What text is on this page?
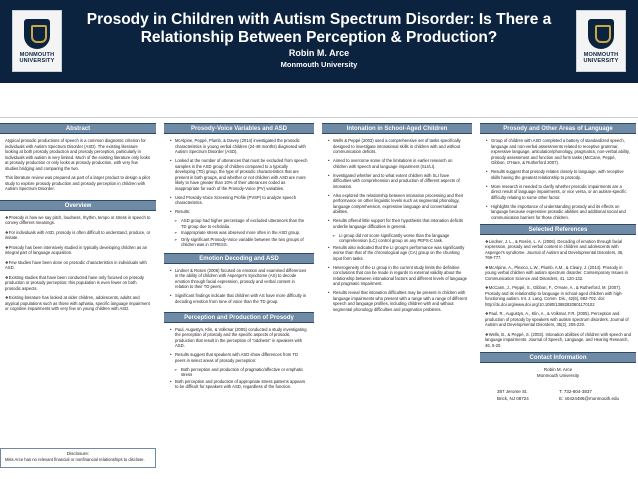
MONMOUTH UNIVERSITY
Prosody in Children with Autism Spectrum Disorder: Is There a Relationship Between Perception & Production?
Robin M. Arce
Monmouth University
MONMOUTH UNIVERSITY
Abstract
Atypical prosodic productions of speech is a common diagnostic criterion for individuals with Autism Spectrum Disorder (ASD). The existing literature looking at both prosody production and prosody perception, particularly in individuals with autism is very limited. Much of the existing literature only looks at prosody production or only looks at prosody production, with very few studies bridging and comparing the two.
This literature review was prepared as part of a larger product to design a pilot study to explore prosody production and prosody perception in children with Autism Spectrum Disorder.
Overview
❖Prosody is how we say pitch, loudness, rhythm, tempo or stress in speech to convey different meanings.
❖For individuals with ASD, prosody is often difficult to understand, produce, or imitate.
❖Prosody has been intensively studied in typically developing children as an integral part of language acquisition.
❖Few studies have been done on prosodic characteristics in individuals with ASD.
❖Existing studies that have been conducted have only focused on prosody production or prosody perception; this population is even fewer on both prosodic aspects.
❖Existing literature has looked at older children, adolescents, adults and atypical populations such as those with aphasia, specific language impairment or cognitive impairments with very few on young children with ASD.
Prosody-Voice Variables and ASD
• McAlpine, Peppé, Plumb, & Davey (2014) investigated the prosodic characteristics in young verbal children (24-48 months) diagnosed with Autism Spectrum Disorder (ASD).
• Looked at the number of utterances that must be excluded from speech samples in the ASD group of children compared to a typically developing (TD) group, the type of prosodic characteristics that are present in both groups, and whether or not children with ASD are more likely to have greater than 10% of their utterances coded as inappropriate for each of the Prosody-Voice (PV) variables.
• Used Prosody-Voice Screening Profile (PVSP) to analyze speech characteristics.
• Results:
➢ ASD group had higher percentage of excluded utterances than the TD group due to echolalia.
➢ Inappropriate stress was observed more often in the ASD group.
➢ Only significant Prosody-Voice variable between the two groups of children was in STRESS.
Emotion Decoding and ASD
• Lindner & Rosen (2006) focused on emotion and examined differences in the ability of children with Asperger's Syndrome (AS) to decode emotion through facial expression, prosody and verbal content in relation to their TD peers.
• Significant findings indicate that children with AS have more difficulty in decoding emotion from tone of voice than the TD group.
Perception and Production of Prosody
• Paul, Augustyn, Klin, & Volkmar (2005) conducted a study investigating the perception of prosody and the specific aspects of prosodic production that result in the perception of "oddness" in speakers with ASD.
• Results suggest that speakers with ASD show differences from TD peers in select areas of prosody perception:
➢ Both perception and production of pragmatic/affective or emphatic stress
• Both perception and production of appropriate stress patterns appears to be difficult for speakers with ASD, regardless of the function.
Intonation in School-Aged Children
• Wells & Peppé (2003) used a comprehensive set of tasks specifically designed to investigate intonational skills in children with and without communication deficits.
• Aimed to overcome some of the limitations in earlier research on children with speech and language impairment (SLI/LI).
• Investigated whether and to what extent children with SLI have difficulties with comprehension and production of different aspects of intonation.
• Also explored the relationship between intonation processing and their performance on other linguistic levels such as segmental phonology, language comprehension, expressive language and conversational abilities.
• Results offered little support for their hypothesis that intonation deficits underlie language difficulties in general.
➢ LI group did not score significantly worse than the language comprehension (LC) control group on any PEPS-C task.
• Results also indicated that the LI group's performance was significantly worse than that of the chronological age (CA) group on the chunking input form tasks.
• Heterogeneity of the LI group in the current study limits the definitive conclusions that can be made in regards to external validity about the relationship between intonational factors and different levels of language and pragmatic impairment.
• Results reveal that intonation difficulties may be present in children with language impairments who present with a range with a range of different speech and language profiles, including children with and without segmental phonology difficulties and pragmatics problems.
Prosody and Other Areas of Language
• Group of children with ASD completed a battery of standardized speech, language and non-verbal assessments related to receptive grammar, expressive language, articulation/phonology, pragmatics, non-verbal ability, prosody assessment and function and form tasks (McCann, Peppé, Gibbon, O'Hare, & Rutherford 2007).
• Results suggest that prosody relates closely to language, with receptive skills having the greatest relationship to prosody.
• More research is needed to clarify whether prosodic impairments are a direct result of language impairments, or vice versa, or an autism-specific difficulty relating to some other factor.
• Highlights the importance of understanding prosody and its effects on language because expressive prosodic abilities and additional social and communication barriers for those children.
Selected References
❖Lindner, J. L., & Rosén, L. A. (2006). Decoding of emotion through facial expression, prosody and verbal content in children and adolescents with Asperger's syndrome. Journal of Autism and Developmental Disorders, 36, 769-777.
❖McAlpine, A., Plexico, L.W., Plumb, A.M., & Cleary, J. (2014). Prosody in young verbal children with autism spectrum disorder. Contemporary Issues in Communication Science and Disorders, 41, 120-132.
❖McCann, J., Peppé, S., Gibbon, F., O'Hare, A., & Rutherford, M. (2007). Prosody and its relationship to language in school-aged children with high-functioning autism. Int. J. Lang. Comm. Dis., 42(6), 682-702. doi: http://dx.doi.org/www.doi.org/10.1080/13682820601170102
❖Paul, R., Augustyn, A., Klin, A., & Volkmar, F.R. (2005). Perception and production of prosody by speakers with autism spectrum disorders. Journal of Autism and Developmental Disorders, 35(2), 205-220.
❖Wells, B., & Peppé, S. (2003). Intonation abilities of children with speech and language impairments. Journal of Speech, Language, and Hearing Research, 46, 5-20.
Contact Information
Robin M. Arce
Monmouth University
387 Jerome St.
Brick, NJ 08724
T: 732-804-3837
E: s0424486@monmouth.edu
Disclosure:
Miss Arce has no relevant financial or nonfinancial relationships to disclose.
